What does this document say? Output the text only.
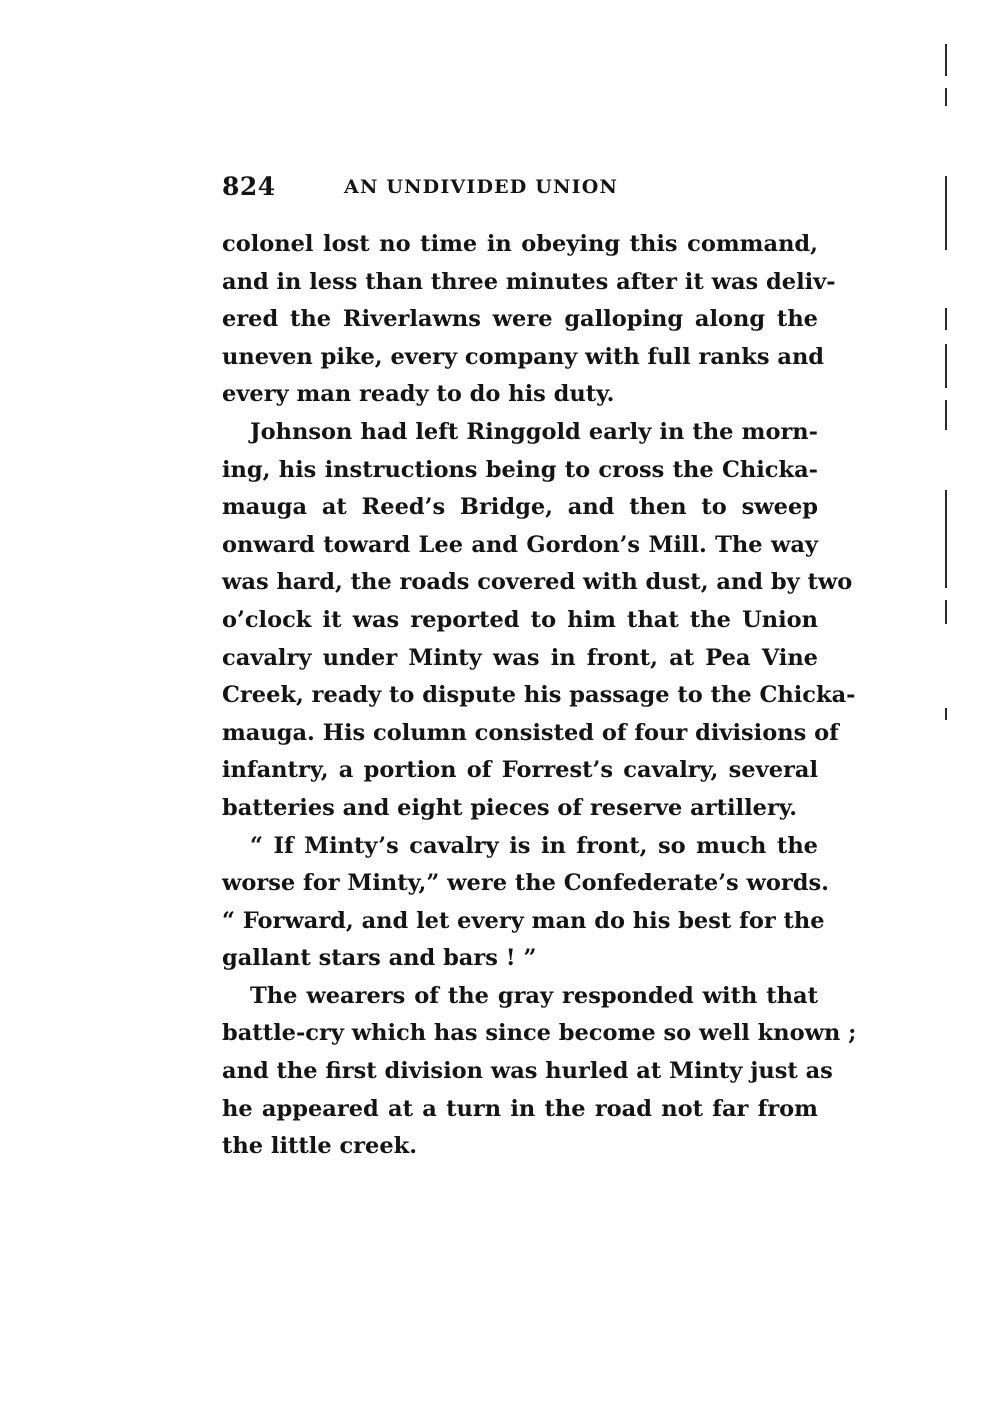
824	AN UNDIVIDED UNION

colonel lost no time in obeying this command,
and in less than three minutes after it was deliv-
ered the Riverlawns were galloping along the
uneven pike, every company with full ranks and
every man ready to do his duty.

Johnson had left Ringgold early in the morn-
ing, his instructions being to cross the Chicka-
mauga at Reed’s Bridge, and then to sweep
onward toward Lee and Gordon’s Mill. The way
was hard, the roads covered with dust, and by two
o’clock it was reported to him that the Union
cavalry under Minty was in front, at Pea Vine
Creek, ready to dispute his passage to the Chicka-
mauga. His column consisted of four divisions of
infantry, a portion of Forrest’s cavalry, several
batteries and eight pieces of reserve artillery.

“ If Minty’s cavalry is in front, so much the
worse for Minty,” were the Confederate’s words.
“ Forward, and let every man do his best for the
gallant stars and bars ! ”

The wearers of the gray responded with that
battle-cry which has since become so well known ;
and the first division was hurled at Minty just as
he appeared at a turn in the road not far from
the little creek.
